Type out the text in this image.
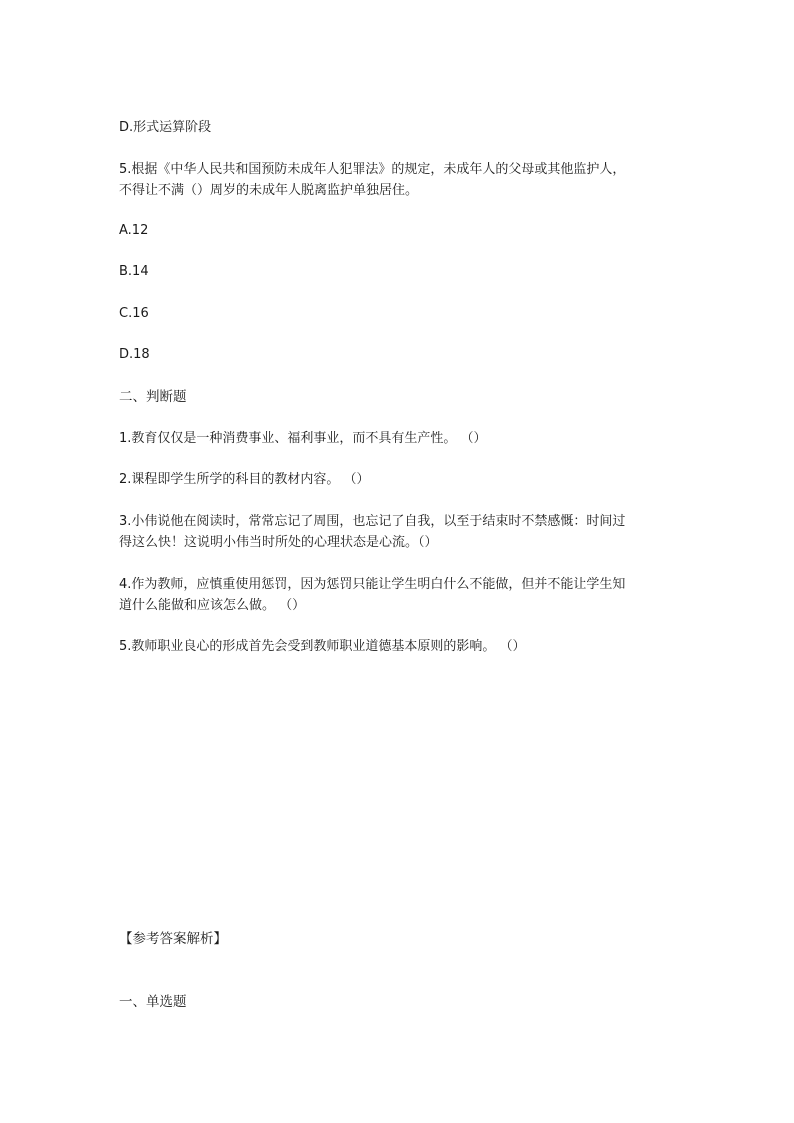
D.形式运算阶段
5.根据《中华人民共和国预防未成年人犯罪法》的规定，未成年人的父母或其他监护人，
不得让不满（）周岁的未成年人脱离监护单独居住。
A.12
B.14
C.16
D.18
二、判断题
1.教育仅仅是一种消费事业、福利事业，而不具有生产性。 （）
2.课程即学生所学的科目的教材内容。 （）
3.小伟说他在阅读时，常常忘记了周围，也忘记了自我，以至于结束时不禁感慨：时间过
得这么快！这说明小伟当时所处的心理状态是心流。（）
4.作为教师，应慎重使用惩罚，因为惩罚只能让学生明白什么不能做，但并不能让学生知
道什么能做和应该怎么做。 （）
5.教师职业良心的形成首先会受到教师职业道德基本原则的影响。 （）
【参考答案解析】
一、单选题
